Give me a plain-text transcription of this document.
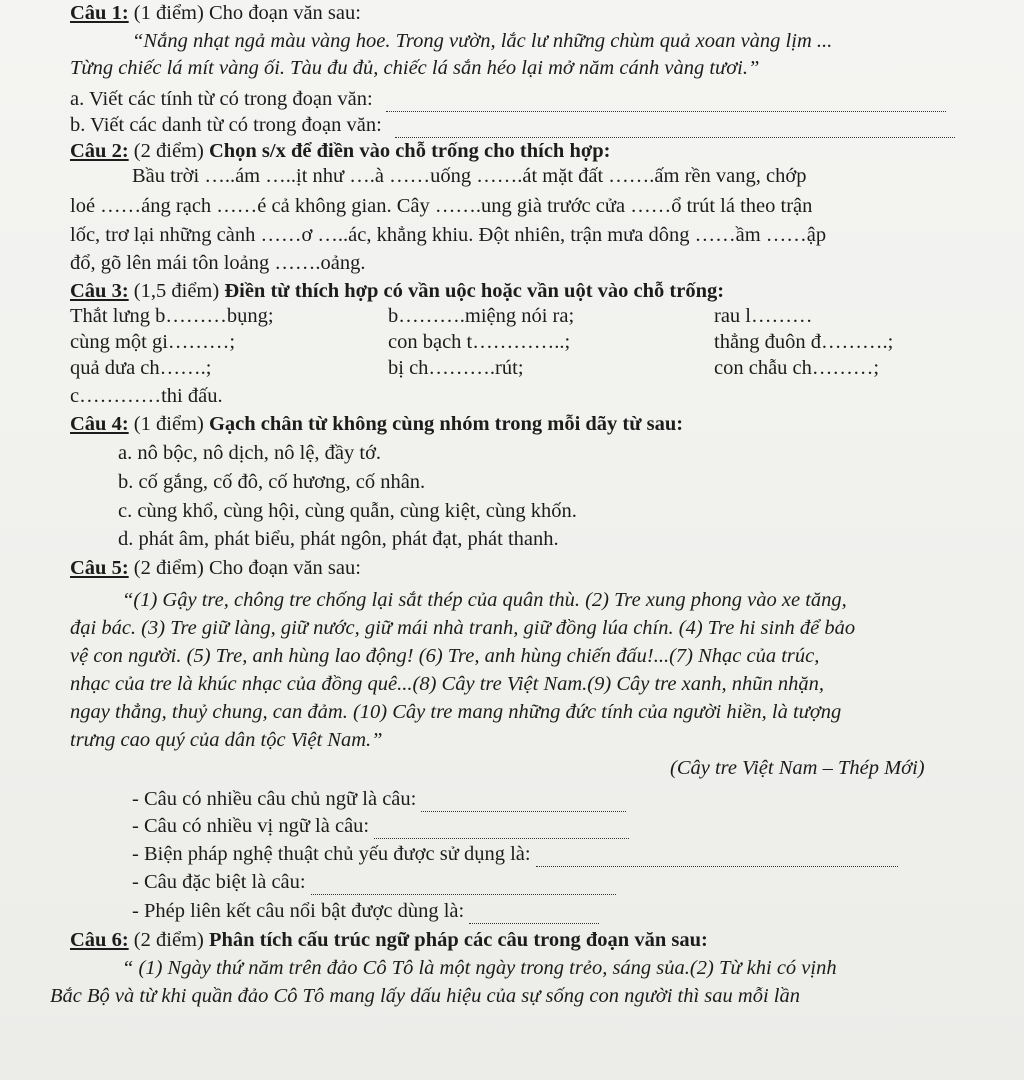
Câu 1: (1 điểm) Cho đoạn văn sau:
“Nắng nhạt ngả màu vàng hoe. Trong vườn, lắc lư những chùm quả xoan vàng lịm ...
Từng chiếc lá mít vàng ối. Tàu đu đủ, chiếc lá sắn héo lại mở năm cánh vàng tươi.”
a. Viết các tính từ có trong đoạn văn:
b. Viết các danh từ có trong đoạn văn:
Câu 2: (2 điểm) Chọn s/x để điền vào chỗ trống cho thích hợp:
Bầu trời …..ám …..ịt như ….à ……uống …….át mặt đất …….ấm rền vang, chớp
loé ……áng rạch ……é cả không gian. Cây …….ung già trước cửa ……ổ trút lá theo trận
lốc, trơ lại những cành ……ơ …..ác, khẳng khiu. Đột nhiên, trận mưa dông ……ầm ……ập
đổ, gõ lên mái tôn loảng …….oảng.
Câu 3: (1,5 điểm) Điền từ thích hợp có vần uộc hoặc vần uột vào chỗ trống:
Thắt lưng b………bụng;	b……….miệng nói ra;	rau l………
cùng một gi………;	con bạch t…………..;	thẳng đuôn đ……….;
quả dưa ch…….;	bị ch……….rút;	con chẫu ch………;
c…………thi đấu.
Câu 4: (1 điểm) Gạch chân từ không cùng nhóm trong mỗi dãy từ sau:
a. nô bộc, nô dịch, nô lệ, đầy tớ.
b. cố gắng, cố đô, cố hương, cố nhân.
c. cùng khổ, cùng hội, cùng quẫn, cùng kiệt, cùng khốn.
d. phát âm, phát biểu, phát ngôn, phát đạt, phát thanh.
Câu 5: (2 điểm) Cho đoạn văn sau:
“(1) Gậy tre, chông tre chống lại sắt thép của quân thù. (2) Tre xung phong vào xe tăng,
đại bác. (3) Tre giữ làng, giữ nước, giữ mái nhà tranh, giữ đồng lúa chín. (4) Tre hi sinh để bảo
vệ con người. (5) Tre, anh hùng lao động! (6) Tre, anh hùng chiến đấu!...(7) Nhạc của trúc,
nhạc của tre là khúc nhạc của đồng quê...(8) Cây tre Việt Nam.(9) Cây tre xanh, nhũn nhặn,
ngay thẳng, thuỷ chung, can đảm. (10) Cây tre mang những đức tính của người hiền, là tượng
trưng cao quý của dân tộc Việt Nam.”
(Cây tre Việt Nam – Thép Mới)
- Câu có nhiều câu chủ ngữ là câu:
- Câu có nhiều vị ngữ là câu:
- Biện pháp nghệ thuật chủ yếu được sử dụng là:
- Câu đặc biệt là câu:
- Phép liên kết câu nổi bật được dùng là:
Câu 6: (2 điểm) Phân tích cấu trúc ngữ pháp các câu trong đoạn văn sau:
“ (1) Ngày thứ năm trên đảo Cô Tô là một ngày trong trẻo, sáng sủa.(2) Từ khi có vịnh
Bắc Bộ và từ khi quần đảo Cô Tô mang lấy dấu hiệu của sự sống con người thì sau mỗi lần
